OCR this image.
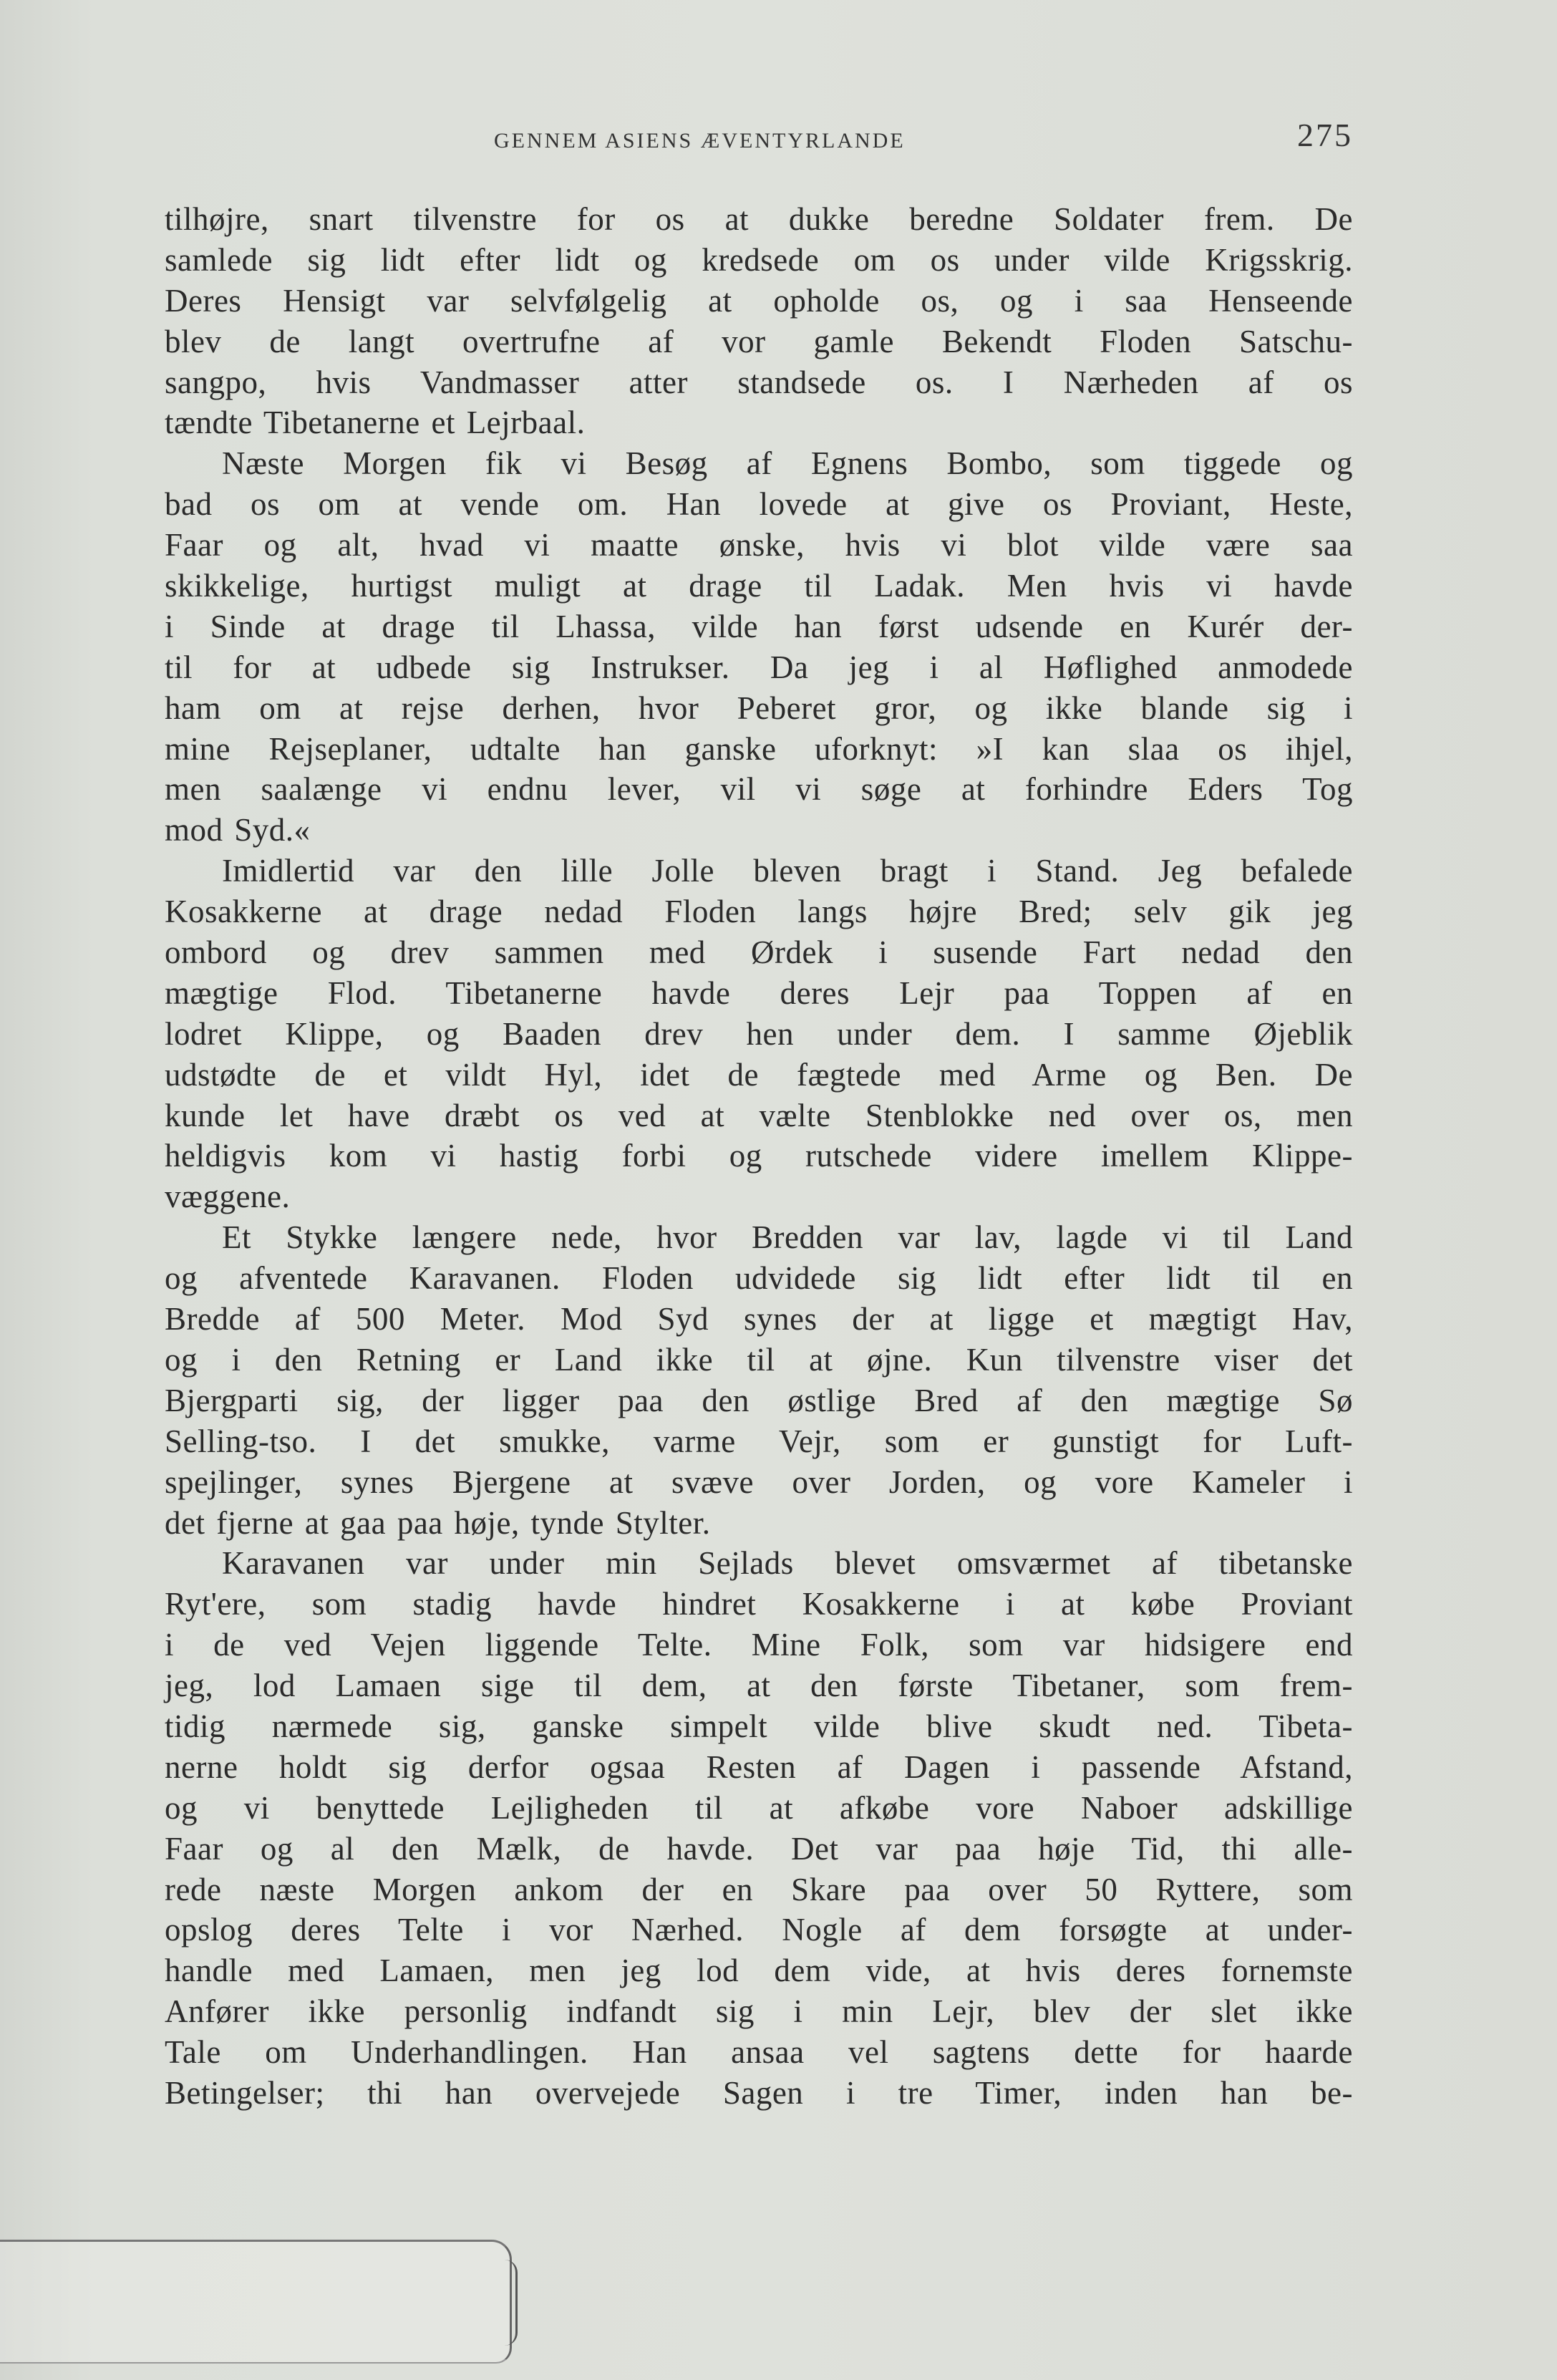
GENNEM ASIENS ÆVENTYRLANDE	275
tilhøjre, snart tilvenstre for os at dukke beredne Soldater frem. De
samlede sig lidt efter lidt og kredsede om os under vilde Krigsskrig.
Deres Hensigt var selvfølgelig at opholde os, og i saa Henseende
blev de langt overtrufne af vor gamle Bekendt Floden Satschu-
sangpo, hvis Vandmasser atter standsede os. I Nærheden af os
tændte Tibetanerne et Lejrbaal.
Næste Morgen fik vi Besøg af Egnens Bombo, som tiggede og
bad os om at vende om. Han lovede at give os Proviant, Heste,
Faar og alt, hvad vi maatte ønske, hvis vi blot vilde være saa
skikkelige, hurtigst muligt at drage til Ladak. Men hvis vi havde
i Sinde at drage til Lhassa, vilde han først udsende en Kurér der-
til for at udbede sig Instrukser. Da jeg i al Høflighed anmodede
ham om at rejse derhen, hvor Peberet gror, og ikke blande sig i
mine Rejseplaner, udtalte han ganske uforknyt: »I kan slaa os ihjel,
men saalænge vi endnu lever, vil vi søge at forhindre Eders Tog
mod Syd.«
Imidlertid var den lille Jolle bleven bragt i Stand. Jeg befalede
Kosakkerne at drage nedad Floden langs højre Bred; selv gik jeg
ombord og drev sammen med Ørdek i susende Fart nedad den
mægtige Flod. Tibetanerne havde deres Lejr paa Toppen af en
lodret Klippe, og Baaden drev hen under dem. I samme Øjeblik
udstødte de et vildt Hyl, idet de fægtede med Arme og Ben. De
kunde let have dræbt os ved at vælte Stenblokke ned over os, men
heldigvis kom vi hastig forbi og rutschede videre imellem Klippe-
væggene.
Et Stykke længere nede, hvor Bredden var lav, lagde vi til Land
og afventede Karavanen. Floden udvidede sig lidt efter lidt til en
Bredde af 500 Meter. Mod Syd synes der at ligge et mægtigt Hav,
og i den Retning er Land ikke til at øjne. Kun tilvenstre viser det
Bjergparti sig, der ligger paa den østlige Bred af den mægtige Sø
Selling-tso. I det smukke, varme Vejr, som er gunstigt for Luft-
spejlinger, synes Bjergene at svæve over Jorden, og vore Kameler i
det fjerne at gaa paa høje, tynde Stylter.
Karavanen var under min Sejlads blevet omsværmet af tibetanske
Ryt'ere, som stadig havde hindret Kosakkerne i at købe Proviant
i de ved Vejen liggende Telte. Mine Folk, som var hidsigere end
jeg, lod Lamaen sige til dem, at den første Tibetaner, som frem-
tidig nærmede sig, ganske simpelt vilde blive skudt ned. Tibeta-
nerne holdt sig derfor ogsaa Resten af Dagen i passende Afstand,
og vi benyttede Lejligheden til at afkøbe vore Naboer adskillige
Faar og al den Mælk, de havde. Det var paa høje Tid, thi alle-
rede næste Morgen ankom der en Skare paa over 50 Ryttere, som
opslog deres Telte i vor Nærhed. Nogle af dem forsøgte at under-
handle med Lamaen, men jeg lod dem vide, at hvis deres fornemste
Anfører ikke personlig indfandt sig i min Lejr, blev der slet ikke
Tale om Underhandlingen. Han ansaa vel sagtens dette for haarde
Betingelser; thi han overvejede Sagen i tre Timer, inden han be-
